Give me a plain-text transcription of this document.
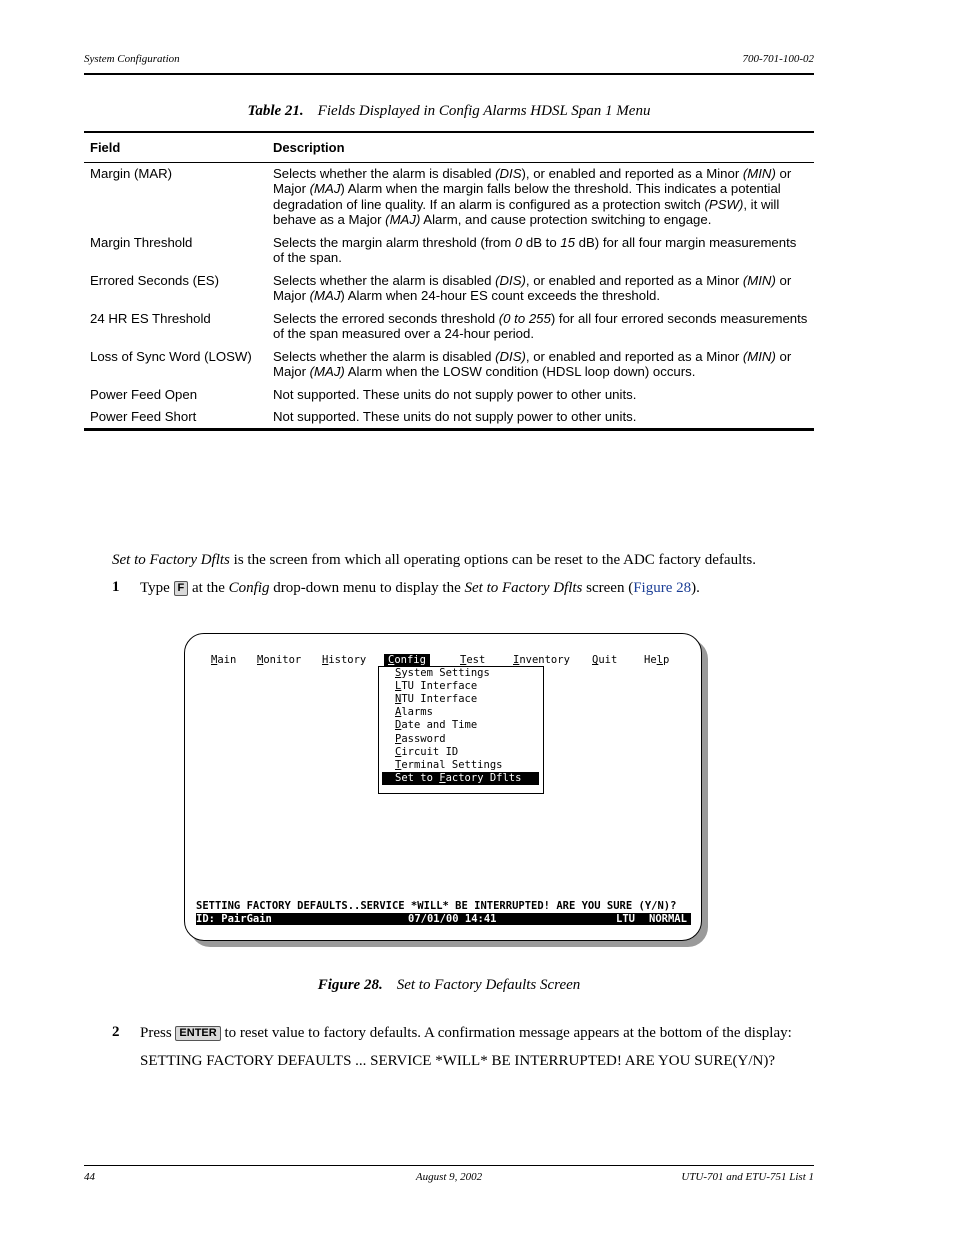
System Configuration	700-701-100-02
Table 21. Fields Displayed in Config Alarms HDSL Span 1 Menu
Field	Description
Margin (MAR)	Selects whether the alarm is disabled (DIS), or enabled and reported as a Minor (MIN) or Major (MAJ) Alarm when the margin falls below the threshold. This indicates a potential degradation of line quality. If an alarm is configured as a protection switch (PSW), it will behave as a Major (MAJ) Alarm, and cause protection switching to engage.
Margin Threshold	Selects the margin alarm threshold (from 0 dB to 15 dB) for all four margin measurements of the span.
Errored Seconds (ES)	Selects whether the alarm is disabled (DIS), or enabled and reported as a Minor (MIN) or Major (MAJ) Alarm when 24-hour ES count exceeds the threshold.
24 HR ES Threshold	Selects the errored seconds threshold (0 to 255) for all four errored seconds measurements of the span measured over a 24-hour period.
Loss of Sync Word (LOSW)	Selects whether the alarm is disabled (DIS), or enabled and reported as a Minor (MIN) or Major (MAJ) Alarm when the LOSW condition (HDSL loop down) occurs.
Power Feed Open	Not supported. These units do not supply power to other units.
Power Feed Short	Not supported. These units do not supply power to other units.
Set to Factory Dflts is the screen from which all operating options can be reset to the ADC factory defaults.
1 Type F at the Config drop-down menu to display the Set to Factory Dflts screen (Figure 28).
Main Monitor History	Config	Test	Inventory Quit	Help
System Settings
LTU Interface
NTU Interface
Alarms
Date and Time
Password
Circuit ID
Terminal Settings
Set to Factory Dflts
SETTING FACTORY DEFAULTS..SERVICE *WILL* BE INTERRUPTED! ARE YOU SURE (Y/N)?

ID: PairGain

	07/01/00 14:41

	LTU

NORMAL

Figure 28. Set to Factory Defaults Screen
2 Press ENTER to reset value to factory defaults. A confirmation message appears at the bottom of the display:
SETTING FACTORY DEFAULTS ... SERVICE *WILL* BE INTERRUPTED! ARE YOU SURE(Y/N)?
44	August 9, 2002	UTU-701 and ETU-751 List 1
